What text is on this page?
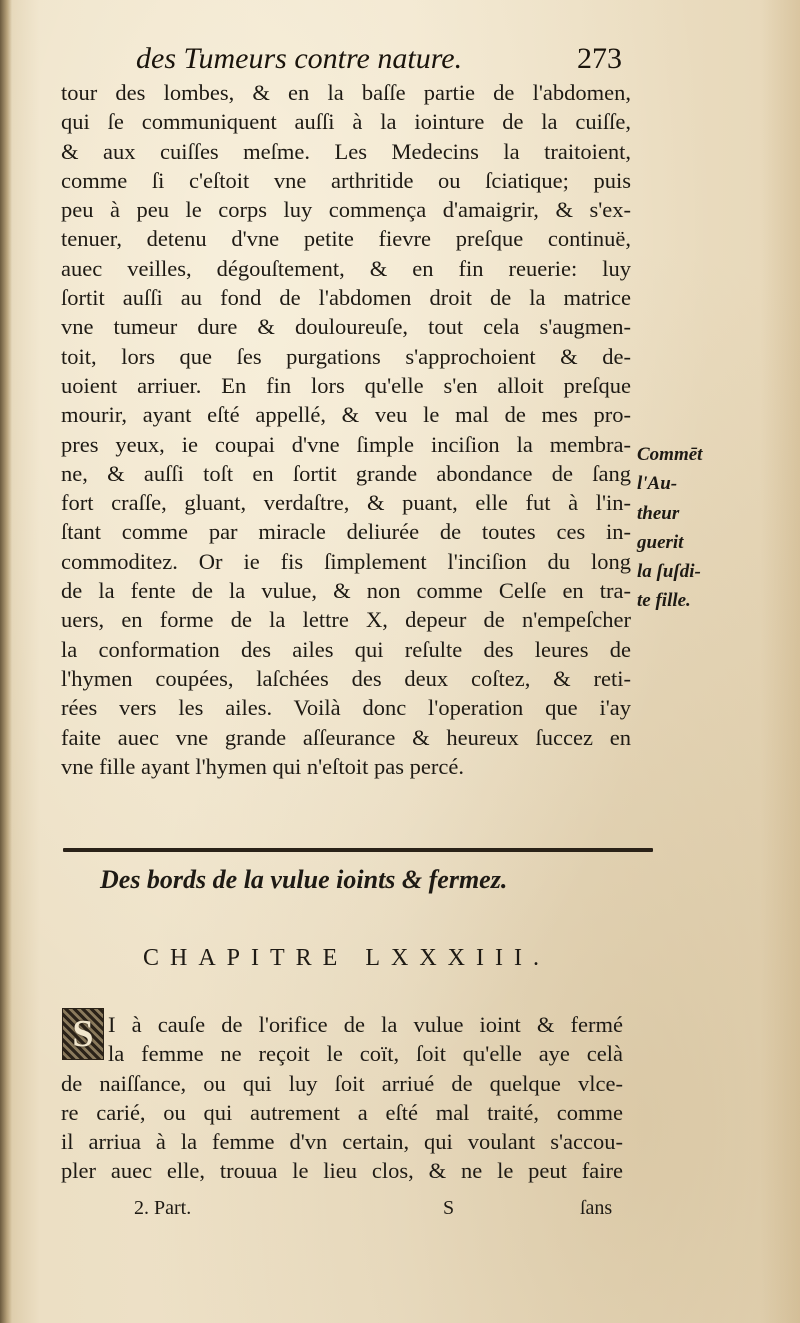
des Tumeurs contre nature.	273
tour des lombes, & en la baſſe partie de l'abdomen,
qui ſe communiquent auſſi à la iointure de la cuiſſe,
& aux cuiſſes meſme. Les Medecins la traitoient,
comme ſi c'eſtoit vne arthritide ou ſciatique; puis
peu à peu le corps luy commença d'amaigrir, & s'ex-
tenuer, detenu d'vne petite fievre preſque continuë,
auec veilles, dégouſtement, & en fin reuerie: luy
ſortit auſſi au fond de l'abdomen droit de la matrice
vne tumeur dure & douloureuſe, tout cela s'augmen-
toit, lors que ſes purgations s'approchoient & de-
uoient arriuer. En fin lors qu'elle s'en alloit preſque
mourir, ayant eſté appellé, & veu le mal de mes pro-
pres yeux, ie coupai d'vne ſimple inciſion la membra-
ne, & auſſi toſt en ſortit grande abondance de ſang
fort craſſe, gluant, verdaſtre, & puant, elle fut à l'in-
ſtant comme par miracle deliurée de toutes ces in-
commoditez. Or ie fis ſimplement l'inciſion du long
de la fente de la vulue, & non comme Celſe en tra-
uers, en forme de la lettre X, depeur de n'empeſcher
la conformation des ailes qui reſulte des leures de
l'hymen coupées, laſchées des deux coſtez, & reti-
rées vers les ailes. Voilà donc l'operation que i'ay
faite auec vne grande aſſeurance & heureux ſuccez en
vne fille ayant l'hymen qui n'eſtoit pas percé.
Commēt
l'Au-
theur
guerit
la ſuſdi-
te fille.
Des bords de la vulue ioints & fermez.
CHAPITRE LXXXIII.
S I à cauſe de l'orifice de la vulue ioint & fermé
la femme ne reçoit le coït, ſoit qu'elle aye celà
de naiſſance, ou qui luy ſoit arriué de quelque vlce-
re carié, ou qui autrement a eſté mal traité, comme
il arriua à la femme d'vn certain, qui voulant s'accou-
pler auec elle, trouua le lieu clos, & ne le peut faire
2. Part.	S	ſans
